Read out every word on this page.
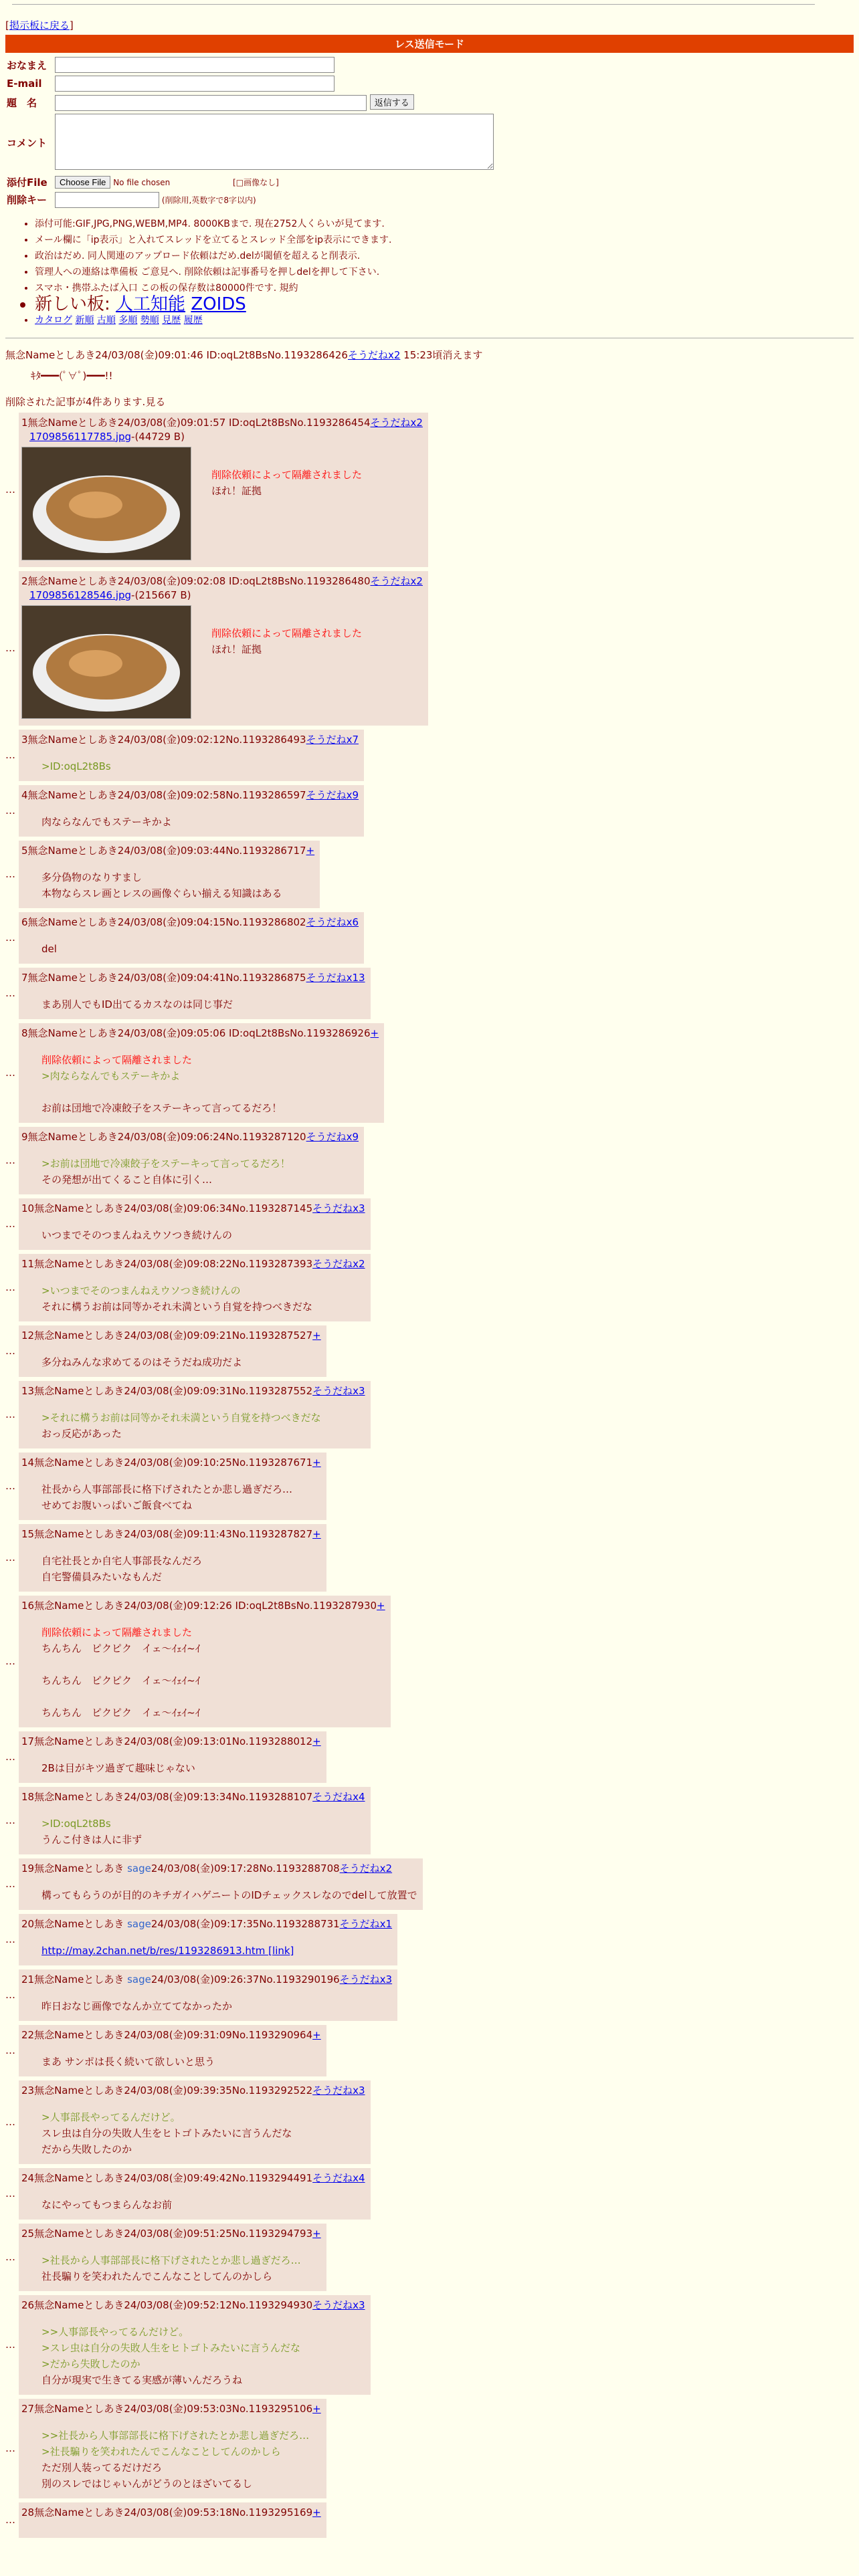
[掲示板に戻る]
レス送信モード
おなまえ	
E-mail	
題　名	返信する
コメント	
添付File	Choose File No file chosen [□画像なし]
削除キー	(削除用,英数字で8字以内)
• 添付可能:GIF,JPG,PNG,WEBM,MP4. 8000KBまで. 現在2752人くらいが見てます.
• メール欄に「ip表示」と入れてスレッドを立てるとスレッド全部をip表示にできます.
• 政治はだめ. 同人関連のアップロード依頼はだめ.delが閾値を超えると削表示.
• 管理人への連絡は準備板 ご意見へ. 削除依頼は記事番号を押しdelを押して下さい.
• スマホ・携帯ふたば入口 この板の保存数は80000件です. 規約
• 新しい板: 人工知能 ZOIDS
• カタログ 新順 古順 多順 勢順 見歴 履歴
無念Nameとしあき24/03/08(金)09:01:46 ID:oqL2t8BsNo.1193286426そうだねx2 15:23頃消えます
ｷﾀ━━━(ﾟ∀ﾟ)━━━!!
削除された記事が4件あります.見る
…
1無念Nameとしあき24/03/08(金)09:01:57 ID:oqL2t8BsNo.1193286454そうだねx2
1709856117785.jpg-(44729 B)
削除依頼によって隔離されました
ほれ！証拠
…
2無念Nameとしあき24/03/08(金)09:02:08 ID:oqL2t8BsNo.1193286480そうだねx2
1709856128546.jpg-(215667 B)
削除依頼によって隔離されました
ほれ！証拠
…
3無念Nameとしあき24/03/08(金)09:02:12No.1193286493そうだねx7
>ID:oqL2t8Bs
…
4無念Nameとしあき24/03/08(金)09:02:58No.1193286597そうだねx9
肉ならなんでもステーキかよ
…
5無念Nameとしあき24/03/08(金)09:03:44No.1193286717+
多分偽物のなりすまし
本物ならスレ画とレスの画像ぐらい揃える知識はある
…
6無念Nameとしあき24/03/08(金)09:04:15No.1193286802そうだねx6
del
…
7無念Nameとしあき24/03/08(金)09:04:41No.1193286875そうだねx13
まあ別人でもID出てるカスなのは同じ事だ
…
8無念Nameとしあき24/03/08(金)09:05:06 ID:oqL2t8BsNo.1193286926+
削除依頼によって隔離されました
>肉ならなんでもステーキかよ

お前は団地で冷凍餃子をステーキって言ってるだろ！
…
9無念Nameとしあき24/03/08(金)09:06:24No.1193287120そうだねx9
>お前は団地で冷凍餃子をステーキって言ってるだろ！
その発想が出てくること自体に引く…
…
10無念Nameとしあき24/03/08(金)09:06:34No.1193287145そうだねx3
いつまでそのつまんねえウソつき続けんの
…
11無念Nameとしあき24/03/08(金)09:08:22No.1193287393そうだねx2
>いつまでそのつまんねえウソつき続けんの
それに構うお前は同等かそれ未満という自覚を持つべきだな
…
12無念Nameとしあき24/03/08(金)09:09:21No.1193287527+
多分ねみんな求めてるのはそうだね成功だよ
…
13無念Nameとしあき24/03/08(金)09:09:31No.1193287552そうだねx3
>それに構うお前は同等かそれ未満という自覚を持つべきだな
おっ反応があった
…
14無念Nameとしあき24/03/08(金)09:10:25No.1193287671+
社長から人事部部長に格下げされたとか悲し過ぎだろ…
せめてお腹いっぱいご飯食べてね
…
15無念Nameとしあき24/03/08(金)09:11:43No.1193287827+
自宅社長とか自宅人事部長なんだろ
自宅警備員みたいなもんだ
…
16無念Nameとしあき24/03/08(金)09:12:26 ID:oqL2t8BsNo.1193287930+
削除依頼によって隔離されました
ちんちん　ピクピク　イェ〜ｲｪｲ~ｲ

ちんちん　ピクピク　イェ〜ｲｪｲ~ｲ

ちんちん　ピクピク　イェ〜ｲｪｲ~ｲ
…
17無念Nameとしあき24/03/08(金)09:13:01No.1193288012+
2Bは目がキツ過ぎて趣味じゃない
…
18無念Nameとしあき24/03/08(金)09:13:34No.1193288107そうだねx4
>ID:oqL2t8Bs
うんこ付きは人に非ず
…
19無念Nameとしあき sage24/03/08(金)09:17:28No.1193288708そうだねx2
構ってもらうのが目的のキチガイハゲニートのIDチェックスレなのでdelして放置で
…
20無念Nameとしあき sage24/03/08(金)09:17:35No.1193288731そうだねx1
http://may.2chan.net/b/res/1193286913.htm [link]
…
21無念Nameとしあき sage24/03/08(金)09:26:37No.1193290196そうだねx3
昨日おなじ画像でなんか立ててなかったか
…
22無念Nameとしあき24/03/08(金)09:31:09No.1193290964+
まあ サンポは長く続いて欲しいと思う
…
23無念Nameとしあき24/03/08(金)09:39:35No.1193292522そうだねx3
>人事部長やってるんだけど。
スレ虫は自分の失敗人生をヒトゴトみたいに言うんだな
だから失敗したのか
…
24無念Nameとしあき24/03/08(金)09:49:42No.1193294491そうだねx4
なにやってもつまらんなお前
…
25無念Nameとしあき24/03/08(金)09:51:25No.1193294793+
>社長から人事部部長に格下げされたとか悲し過ぎだろ…
社長騙りを笑われたんでこんなことしてんのかしら
…
26無念Nameとしあき24/03/08(金)09:52:12No.1193294930そうだねx3
>>人事部長やってるんだけど。
>スレ虫は自分の失敗人生をヒトゴトみたいに言うんだな
>だから失敗したのか
自分が現実で生きてる実感が薄いんだろうね
…
27無念Nameとしあき24/03/08(金)09:53:03No.1193295106+
>>社長から人事部部長に格下げされたとか悲し過ぎだろ…
>社長騙りを笑われたんでこんなことしてんのかしら
ただ別人装ってるだけだろ
別のスレではじゃいんがどうのとほざいてるし
…
28無念Nameとしあき24/03/08(金)09:53:18No.1193295169+
